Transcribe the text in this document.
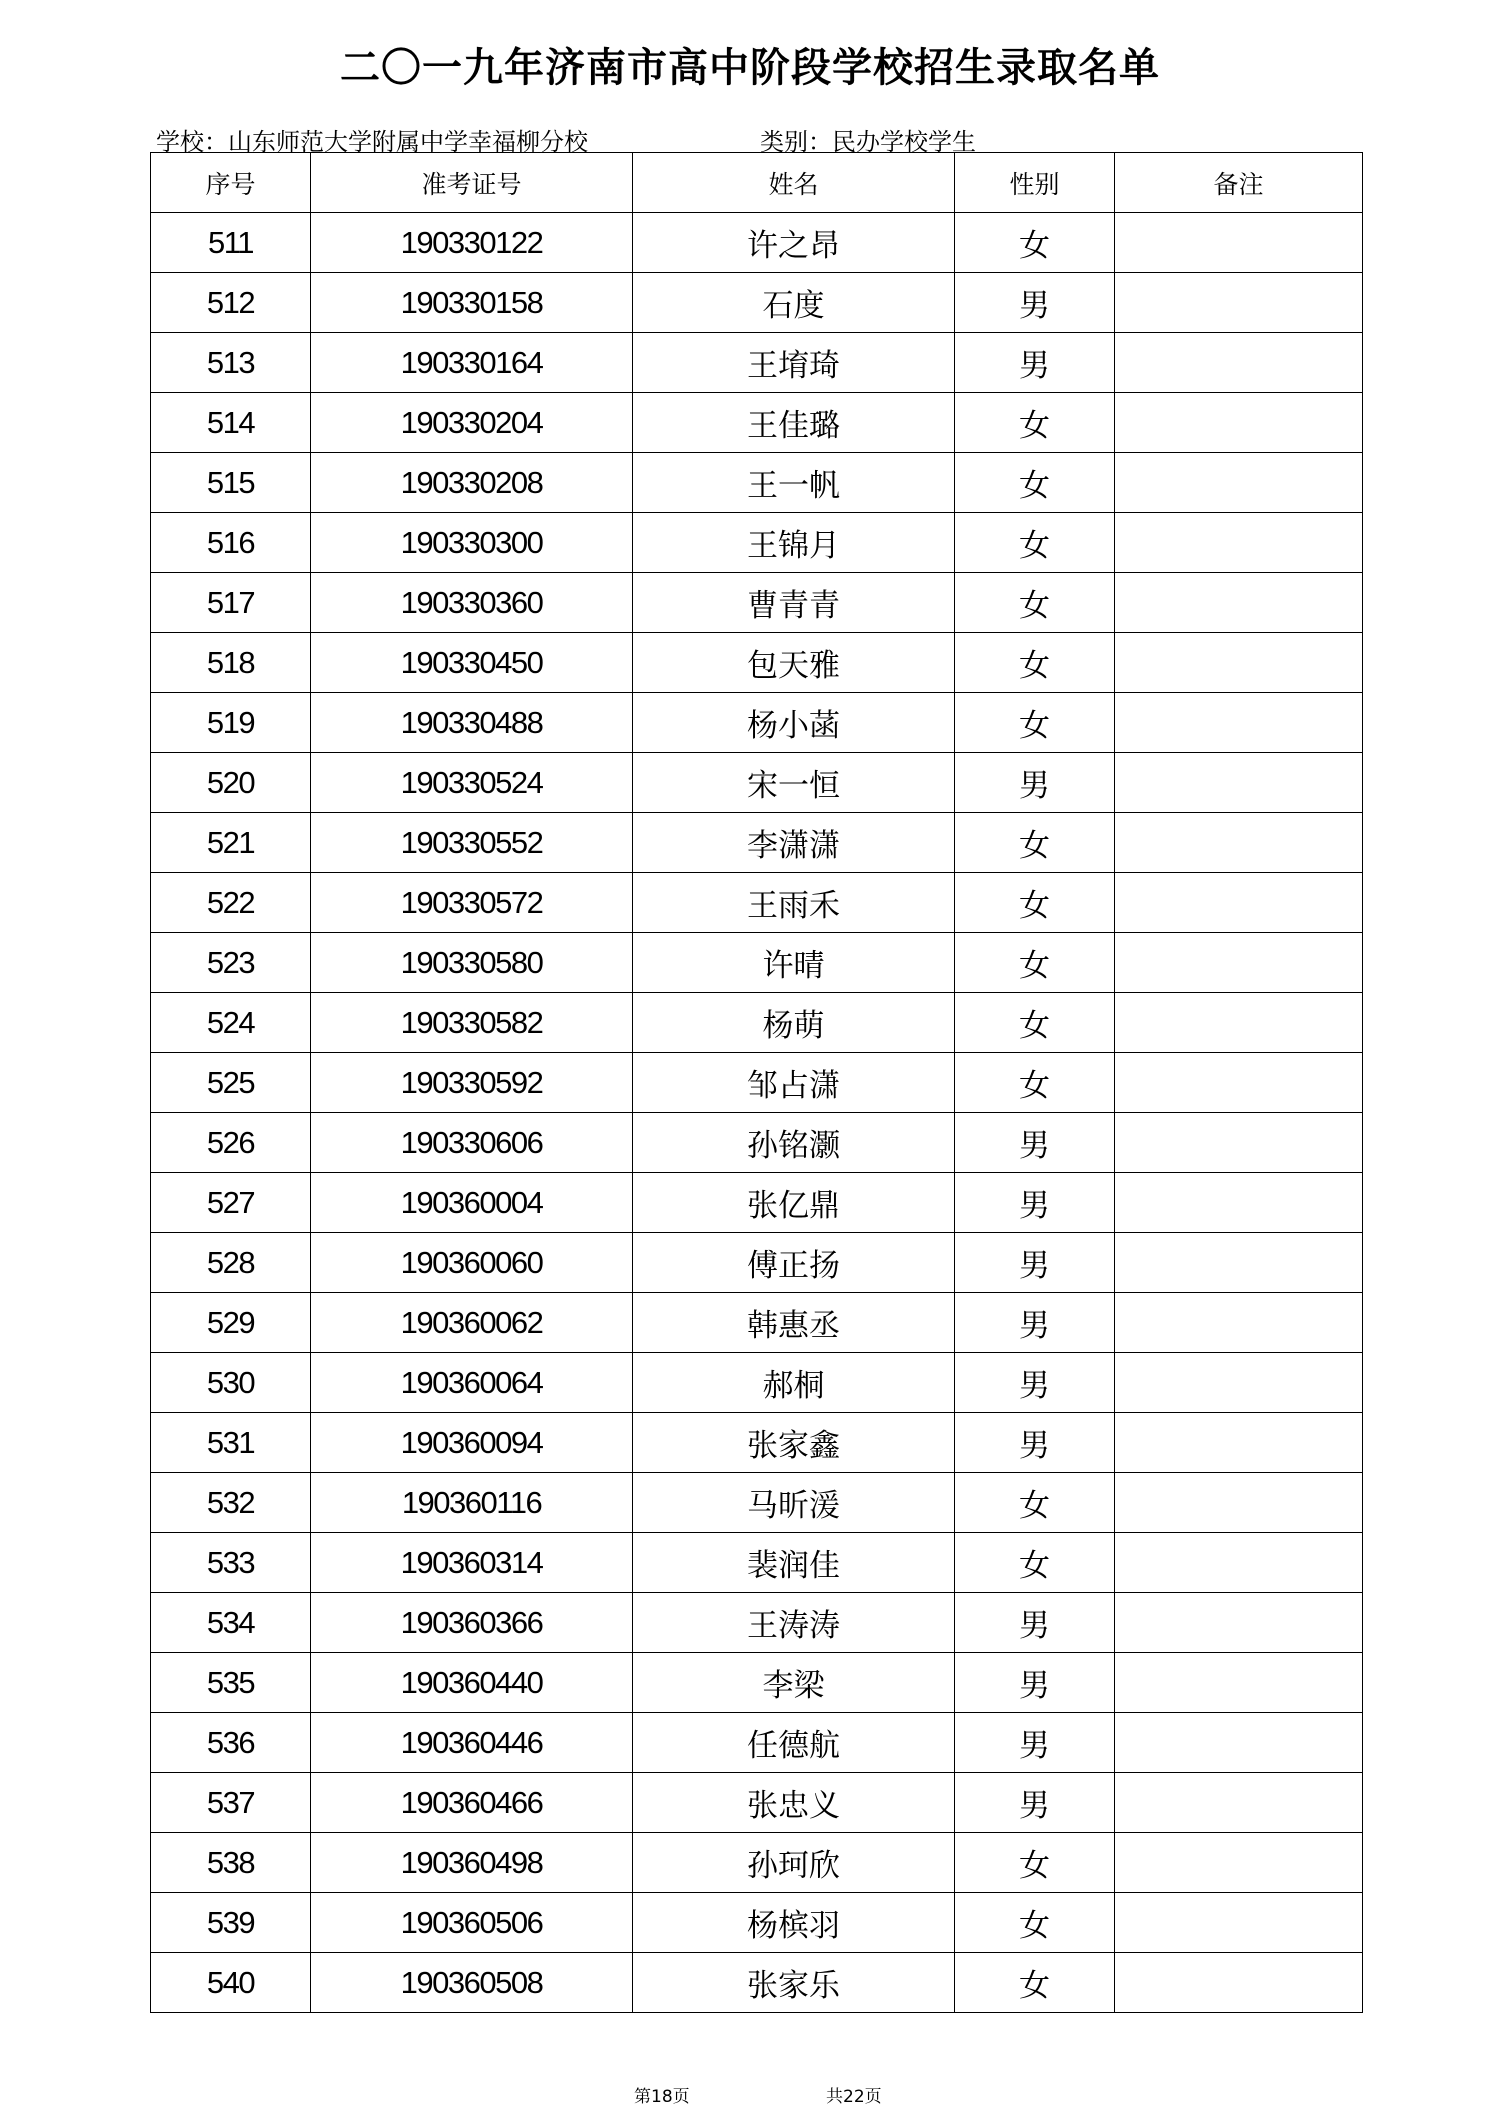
二〇一九年济南市高中阶段学校招生录取名单
学校：山东师范大学附属中学幸福柳分校	类别：民办学校学生
序号	准考证号	姓名	性别	备注
511	190330122	许之昂	女	
512	190330158	石度	男	
513	190330164	王堉琦	男	
514	190330204	王佳璐	女	
515	190330208	王一帆	女	
516	190330300	王锦月	女	
517	190330360	曹青青	女	
518	190330450	包天雅	女	
519	190330488	杨小菡	女	
520	190330524	宋一恒	男	
521	190330552	李潇潇	女	
522	190330572	王雨禾	女	
523	190330580	许晴	女	
524	190330582	杨萌	女	
525	190330592	邹占潇	女	
526	190330606	孙铭灏	男	
527	190360004	张亿鼎	男	
528	190360060	傅正扬	男	
529	190360062	韩惠丞	男	
530	190360064	郝桐	男	
531	190360094	张家鑫	男	
532	190360116	马昕湲	女	
533	190360314	裴润佳	女	
534	190360366	王涛涛	男	
535	190360440	李梁	男	
536	190360446	任德航	男	
537	190360466	张忠义	男	
538	190360498	孙珂欣	女	
539	190360506	杨槟羽	女	
540	190360508	张家乐	女	
第18页	共22页
